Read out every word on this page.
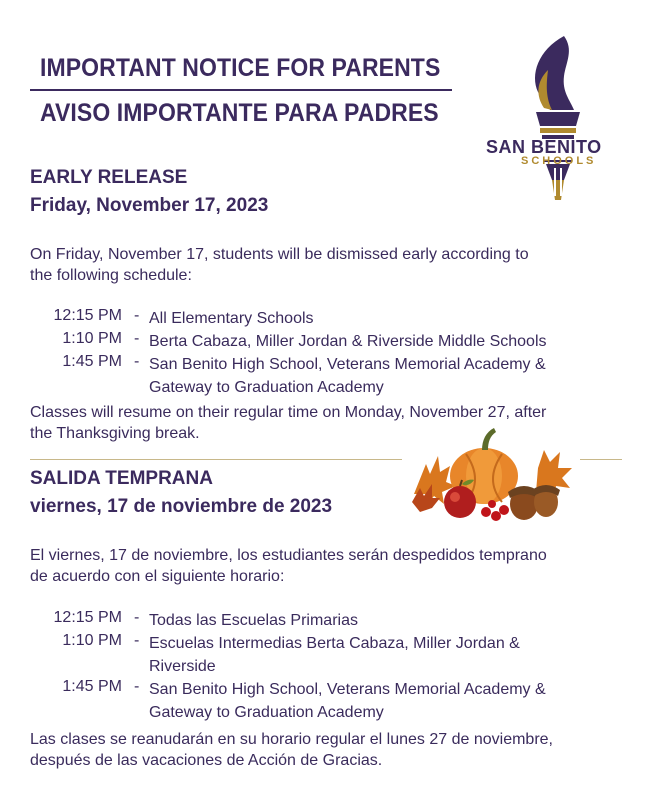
IMPORTANT NOTICE FOR PARENTS
AVISO IMPORTANTE PARA PADRES
SAN BENITO
SCHOOLS
EARLY RELEASE
Friday, November 17, 2023
On Friday, November 17, students will be dismissed early according to
the following schedule:
12:15 PM - All Elementary Schools
1:10 PM - Berta Cabaza, Miller Jordan & Riverside Middle Schools
1:45 PM - San Benito High School, Veterans Memorial Academy &
Gateway to Graduation Academy
Classes will resume on their regular time on Monday, November 27, after
the Thanksgiving break.
SALIDA TEMPRANA
viernes, 17 de noviembre de 2023
El viernes, 17 de noviembre, los estudiantes serán despedidos temprano
de acuerdo con el siguiente horario:
12:15 PM - Todas las Escuelas Primarias
1:10 PM - Escuelas Intermedias Berta Cabaza, Miller Jordan &
Riverside
1:45 PM - San Benito High School, Veterans Memorial Academy &
Gateway to Graduation Academy
Las clases se reanudarán en su horario regular el lunes 27 de noviembre,
después de las vacaciones de Acción de Gracias.
